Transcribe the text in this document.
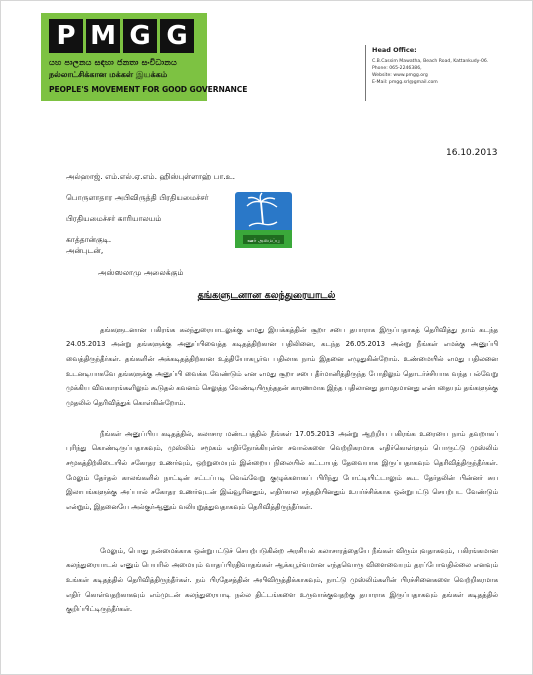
P M G G
යහ පාලනය සඳහා ජනතා සංවිධානය
நல்லாட்சிக்கான மக்கள் இயக்கம்
PEOPLE'S MOVEMENT FOR GOOD GOVERNANCE
Head Office:
C.B.Cassim Mawatha, Beach Road, Kattankudy-06.
Phone: 065-2246386,
Website: www.pmgg.org
E-Mail: pmgg.srl@gmail.com
16.10.2013
அல்ஹாஜ். எம்.எல்.ஏ.எம். ஹிஸ்புள்ளாஹ் பா.உ.
பொருளாதார அபிவிருத்தி பிரதியமைச்சர்
பிரதியமைச்சர் காரியாலயம்
காத்தான்குடி.	ஊர் அமைப்பு
அன்புடன்,
அஸ்ஸலாமு அலைக்கும்
தங்களுடனான கலந்துரையாடல்

தங்களுடனான பகிரங்க கலந்துரையாடலுக்கு எமது இயக்கத்தின் சூறா சபை தயாராக இருப்பதாகத் தெரிவித்து நாம் கடந்த 24.05.2013 அன்று தங்களுக்கு அனுப்பிவைத்த கடிதத்திற்கான பதிலினை, கடந்த 26.05.2013 அன்று நீங்கள் எமக்கு அனுப்பி வைத்திருந்தீர்கள். தங்களின் அக்கடிதத்திற்கான உத்தியோகபூர்வ பதிலாக நாம் இதனை எழுதுகின்றோம். உண்மையில் எமது பதிலனை உடனடியாகவே தங்களுக்கு அனுப்பி வைக்க வேண்டும் என எமது சூறா சபை தீர்மானித்திருந்த போதிலும் தொடர்ச்சியாக வந்த பல்வேறு முக்கிய விவகாரங்களிலும் கூடுதல் கவனம் செலுத்த வேண்டியிருந்ததன் காரணமாக இந்த பதிலானது தாமதமானது என்பதையும் தங்களுக்கு முதலில் தெரிவித்துக் கொள்கின்றோம்.

நீங்கள் அனுப்பிய கடிதத்தில், கலாசார மண்டபத்தில் நீங்கள் 17.05.2013 அன்று ஆற்றிய பகிரங்க உரையை நாம் தவறாகப் புரிந்து கொண்டிருப்பதாகவும், முஸ்லிம் சமூகம் எதிர்நோக்கியுள்ள சவால்களை வெற்றிகரமாக எதிர்கொள்ளும் பொருட்டு முஸ்லிம் சமூகத்திற்கிடையில் சகோதர உணர்வும், ஒற்றுமையும் இன்றைய நிலையில் கட்டாயத் தேவையாக இருப்பதாகவும் தெரிவித்திருந்தீர்கள். மேலும் தேர்தல் காலங்களில் நாட்டின் சட்டப்படி வெவ்வேறு குழுக்களாகப் பிரிந்து போட்டியிட்டாலும் கூட தேர்தலின் பின்னர் சுய இலாபங்களுக்கு அப்பால் சகோதர உணர்வுடன் இவ்வூரினதும், எதிர்கால சந்ததியினதும் உயர்ச்சிக்காக ஒன்றுபட்டு செயற்பட வேண்டும் என்றும், இதனையே அல்குர்ஆனும் வலியுறுத்துவதாகவும் தெரிவித்திருந்தீர்கள்.

மேலும், பொது நன்மைக்காக ஒன்றுபட்டுச் செயற்படுகின்ற அரசியல் கலாசாரத்தையே நீங்கள் விரும்புவதாகவும், பகிரங்கமான கலந்துரையாடல் எனும் பெயரில் அமையும் வாதப்பிரதிவாதங்கள் ஆக்கபூர்வமான எந்தவொரு விளைவையும் தரப்போவதில்லை எனவும் உங்கள் கடிதத்தில் தெரிவித்திருந்தீர்கள். நம் பிரதேசத்தின் அபிவிருத்திக்காகவும், நாட்டு முஸ்லிம்களின் பிரச்சினைகளை வெற்றிகரமாக எதிர் கொள்வதற்காகவும் எம்முடன் கலந்துரையாடி நல்ல திட்டங்களை உருவாக்குவதற்கு தயாராக இருப்பதாகவும் தங்கள் கடிதத்தில் குறிப்பிட்டிருந்தீர்கள்.
